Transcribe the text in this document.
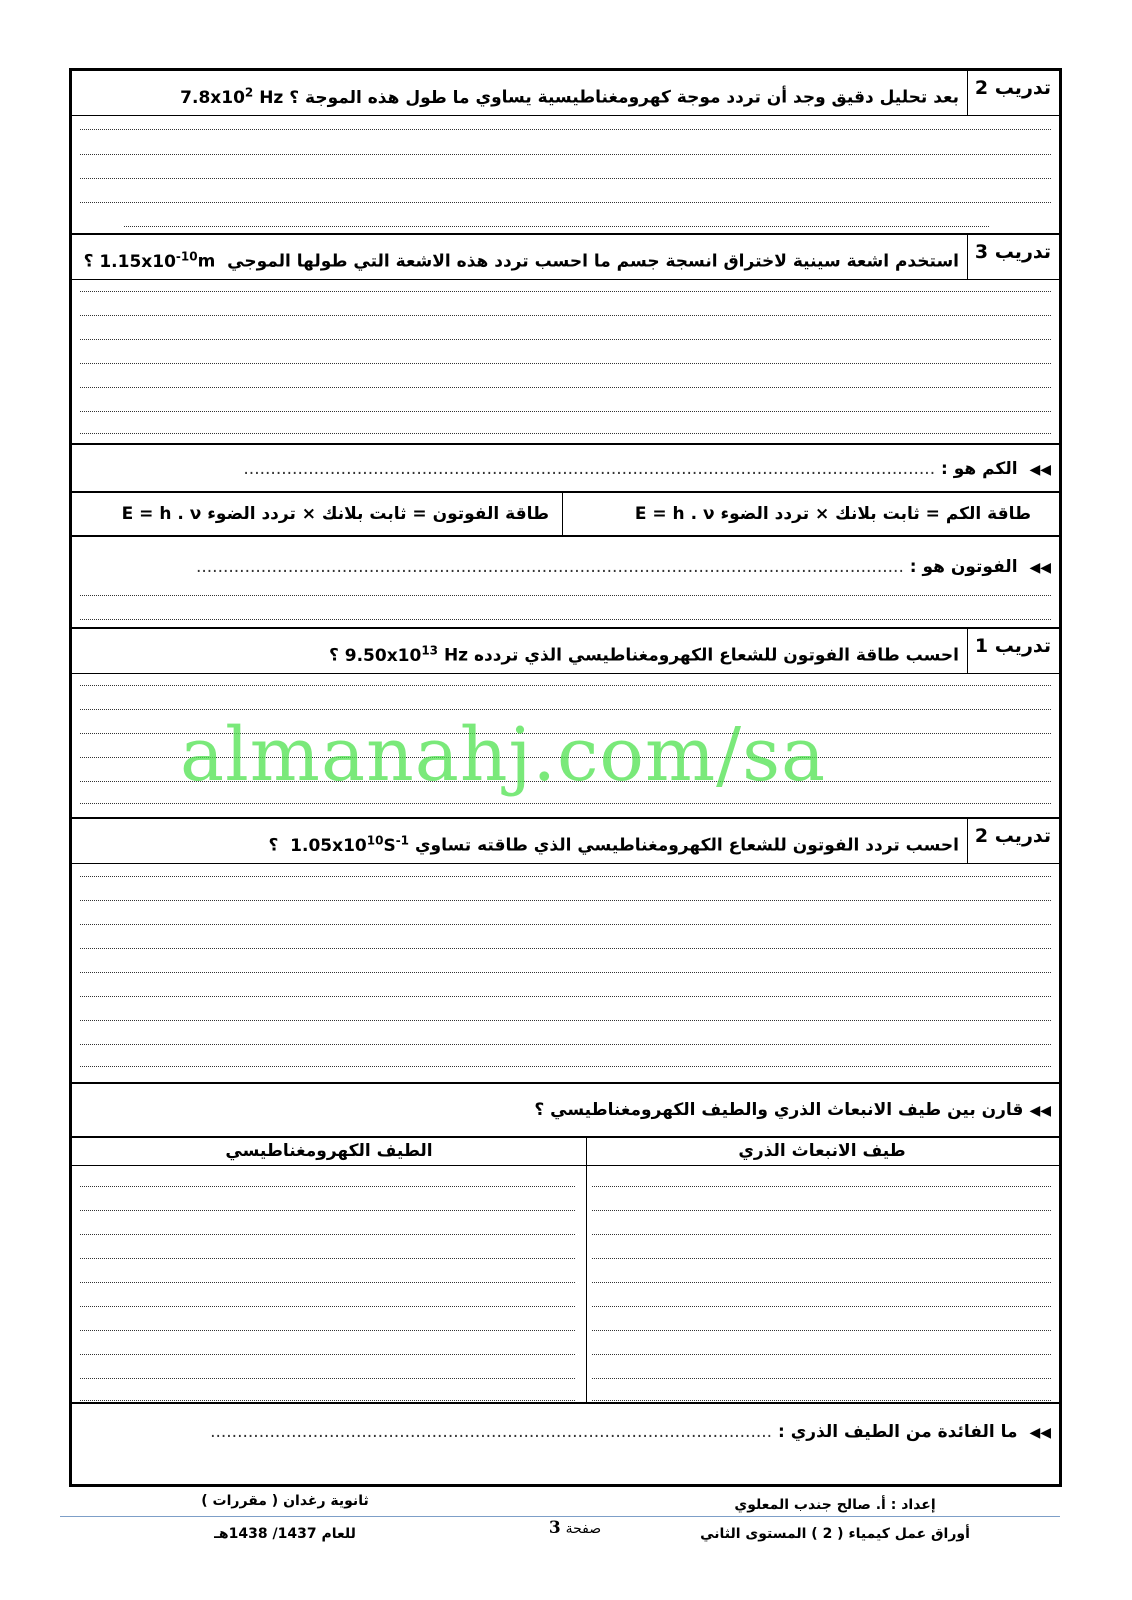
تدريب 2
بعد تحليل دقيق وجد أن تردد موجة كهرومغناطيسية يساوي $7.8x10^2$ Hz ما طول هذه الموجة ؟
تدريب 3
استخدم اشعة سينية لاختراق انسجة جسم ما احسب تردد هذه الاشعة التي طولها الموجي m $1.15x10^{-10}$ ؟
◀◀ الكم هو : ................................................................................................................................
طاقة الكم = ثابت بلانك × تردد الضوء E = h . ν
طاقة الفوتون = ثابت بلانك × تردد الضوء E = h . ν
◀◀ الفوتون هو : ...................................................................................................................................
تدريب 1
احسب طاقة الفوتون للشعاع الكهرومغناطيسي الذي تردده Hz $9.50x10^{13}$ ؟
تدريب 2
احسب تردد الفوتون للشعاع الكهرومغناطيسي الذي طاقته تساوي $S^{-1}$ $1.05x10^{10}$ ؟
◀◀قارن بين طيف الانبعاث الذري والطيف الكهرومغناطيسي ؟
طيف الانبعاث الذري
الطيف الكهرومغناطيسي
◀◀ ما الفائدة من الطيف الذري : ........................................................................................................
almanahj.com/sa
ثانوية رغدان ( مقررات )
للعام 1437/ 1438هـ	صفحة 3
إعداد : أ. صالح جندب المعلوي
أوراق عمل كيمياء ( 2 ) المستوى الثاني
